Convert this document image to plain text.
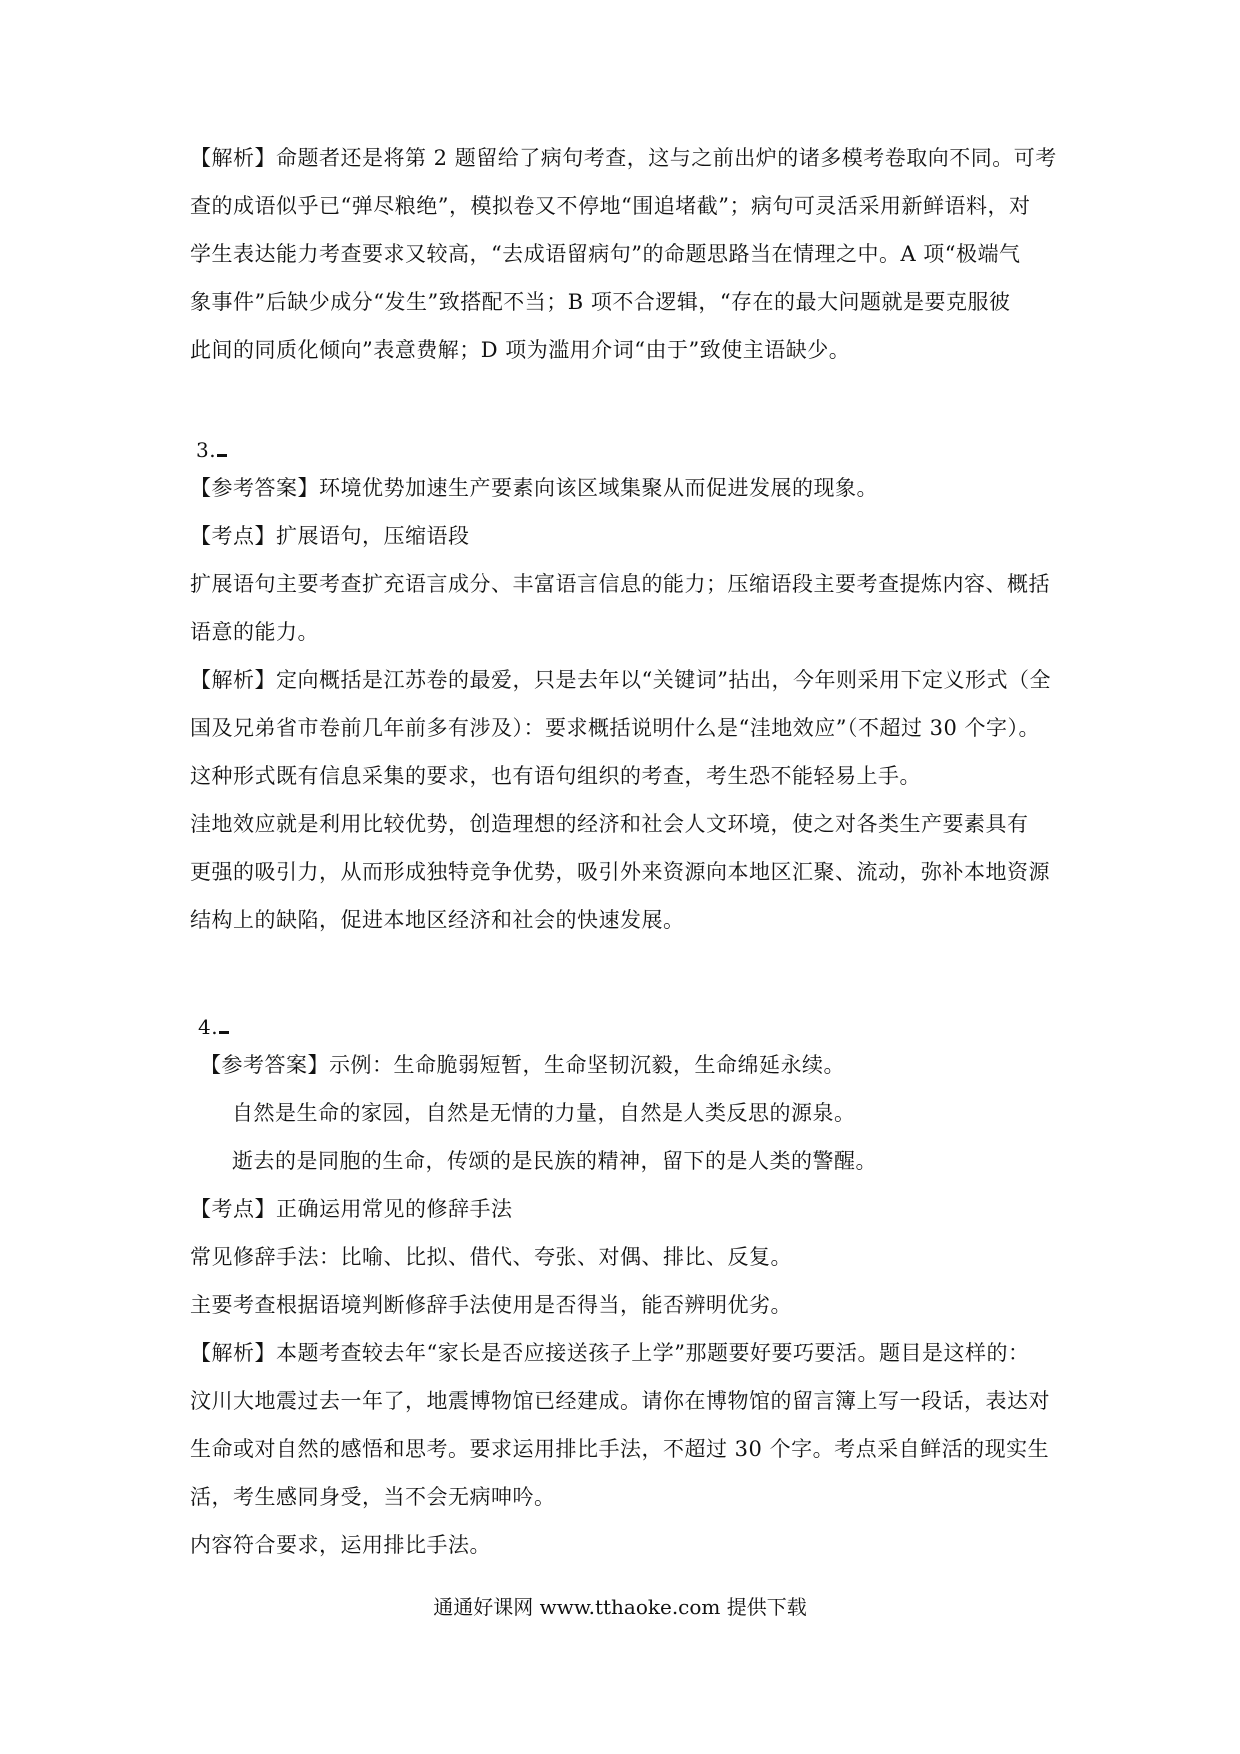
【解析】命题者还是将第 2 题留给了病句考查，这与之前出炉的诸多模考卷取向不同。可考

查的成语似乎已“弹尽粮绝”，模拟卷又不停地“围追堵截”；病句可灵活采用新鲜语料，对

学生表达能力考查要求又较高，“去成语留病句”的命题思路当在情理之中。A 项“极端气

象事件”后缺少成分“发生”致搭配不当；B 项不合逻辑，“存在的最大问题就是要克服彼

此间的同质化倾向”表意费解；D 项为滥用介词“由于”致使主语缺少。

3.

【参考答案】环境优势加速生产要素向该区域集聚从而促进发展的现象。

【考点】扩展语句，压缩语段

扩展语句主要考查扩充语言成分、丰富语言信息的能力；压缩语段主要考查提炼内容、概括

语意的能力。

【解析】定向概括是江苏卷的最爱，只是去年以“关键词”拈出，今年则采用下定义形式（全

国及兄弟省市卷前几年前多有涉及）：要求概括说明什么是“洼地效应”（不超过 30 个字）。

这种形式既有信息采集的要求，也有语句组织的考查，考生恐不能轻易上手。

洼地效应就是利用比较优势，创造理想的经济和社会人文环境，使之对各类生产要素具有

更强的吸引力，从而形成独特竞争优势，吸引外来资源向本地区汇聚、流动，弥补本地资源

结构上的缺陷，促进本地区经济和社会的快速发展。

4.

【参考答案】示例：生命脆弱短暂，生命坚韧沉毅，生命绵延永续。

自然是生命的家园，自然是无情的力量，自然是人类反思的源泉。

逝去的是同胞的生命，传颂的是民族的精神，留下的是人类的警醒。

【考点】正确运用常见的修辞手法

常见修辞手法：比喻、比拟、借代、夸张、对偶、排比、反复。

主要考查根据语境判断修辞手法使用是否得当，能否辨明优劣。

【解析】本题考查较去年“家长是否应接送孩子上学”那题要好要巧要活。题目是这样的：

汶川大地震过去一年了，地震博物馆已经建成。请你在博物馆的留言簿上写一段话，表达对

生命或对自然的感悟和思考。要求运用排比手法，不超过 30 个字。考点采自鲜活的现实生

活，考生感同身受，当不会无病呻吟。

内容符合要求，运用排比手法。

通通好课网 www.tthaoke.com 提供下载
